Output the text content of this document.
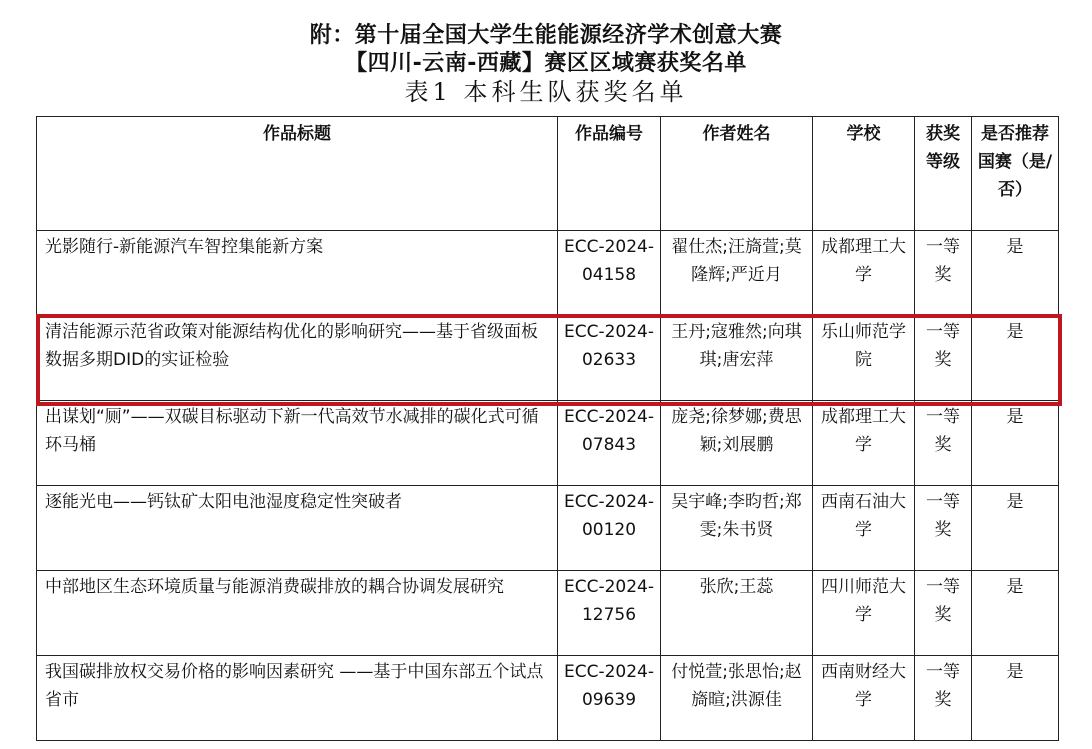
附：第十届全国大学生能能源经济学术创意大赛
【四川-云南-西藏】赛区区域赛获奖名单
表1 本科生队获奖名单
作品标题	作品编号	作者姓名	学校	获奖等级	是否推荐国赛（是/否）
光影随行-新能源汽车智控集能新方案	ECC-2024-04158	翟仕杰;汪旖萱;莫隆辉;严近月	成都理工大学	一等奖	是
清洁能源示范省政策对能源结构优化的影响研究——基于省级面板数据多期DID的实证检验	ECC-2024-02633	王丹;寇雅然;向琪琪;唐宏萍	乐山师范学院	一等奖	是
出谋划“厕”——双碳目标驱动下新一代高效节水减排的碳化式可循环马桶	ECC-2024-07843	庞尧;徐梦娜;费思颖;刘展鹏	成都理工大学	一等奖	是
逐能光电——钙钛矿太阳电池湿度稳定性突破者	ECC-2024-00120	吴宇峰;李昀哲;郑雯;朱书贤	西南石油大学	一等奖	是
中部地区生态环境质量与能源消费碳排放的耦合协调发展研究	ECC-2024-12756	张欣;王蕊	四川师范大学	一等奖	是
我国碳排放权交易价格的影响因素研究 ——基于中国东部五个试点省市	ECC-2024-09639	付悦萱;张思怡;赵旖暄;洪源佳	西南财经大学	一等奖	是
